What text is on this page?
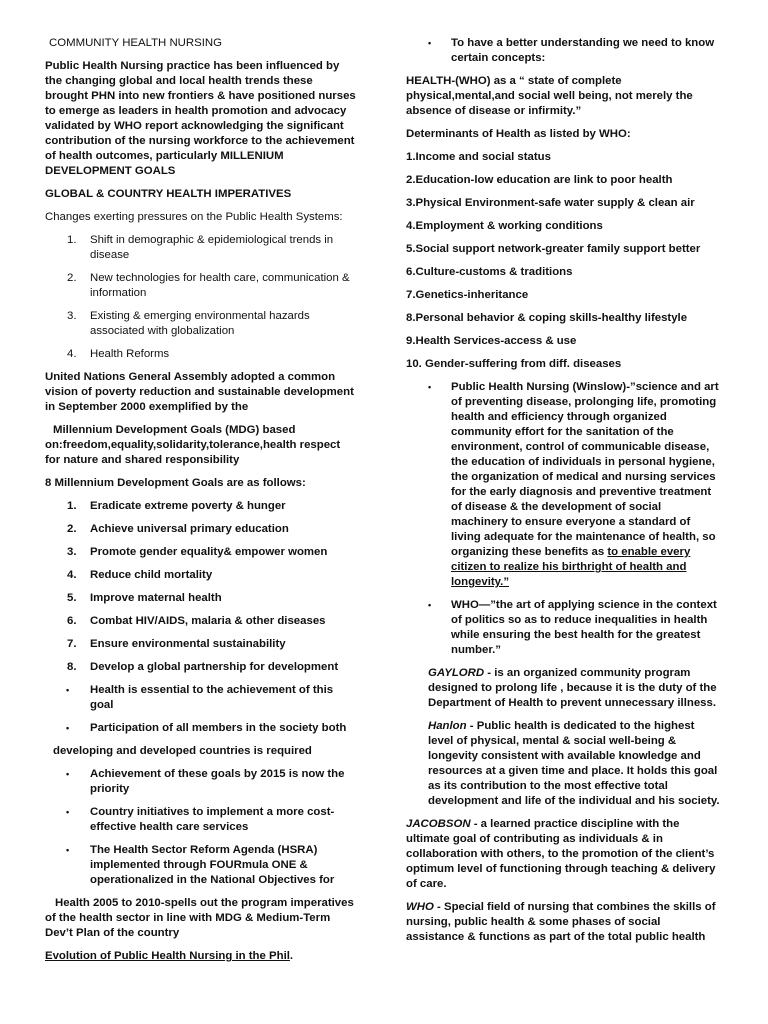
COMMUNITY HEALTH NURSING

Public Health Nursing practice has been influenced by the changing global and local health trends these brought PHN into new frontiers & have positioned nurses to emerge as leaders in health promotion and advocacy validated by WHO report acknowledging the significant contribution of the nursing workforce to the achievement of health outcomes, particularly MILLENIUM DEVELOPMENT GOALS

GLOBAL & COUNTRY HEALTH IMPERATIVES

Changes exerting pressures on the Public Health Systems:

1. Shift in demographic & epidemiological trends in disease
2. New technologies for health care, communication & information
3. Existing & emerging environmental hazards associated with globalization
4. Health Reforms

United Nations General Assembly adopted a common vision of poverty reduction and sustainable development in September 2000 exemplified by the

Millennium Development Goals (MDG) based on:freedom,equality,solidarity,tolerance,health respect for nature and shared responsibility

8 Millennium Development Goals are as follows:

1. Eradicate extreme poverty & hunger
2. Achieve universal primary education
3. Promote gender equality& empower women
4. Reduce child mortality
5. Improve maternal health
6. Combat HIV/AIDS, malaria & other diseases
7. Ensure environmental sustainability
8. Develop a global partnership for development
• Health is essential to the achievement of this goal
• Participation of all members in the society both

developing and developed countries is required

• Achievement of these goals by 2015 is now the priority
• Country initiatives to implement a more cost-effective health care services
• The Health Sector Reform Agenda (HSRA) implemented through FOURmula ONE & operationalized in the National Objectives for

Health 2005 to 2010-spells out the program imperatives of the health sector in line with MDG & Medium-Term Dev’t Plan of the country

Evolution of Public Health Nursing in the Phil.

• To have a better understanding we need to know certain concepts:

HEALTH-(WHO) as a “ state of complete physical,mental,and social well being, not merely the absence of disease or infirmity.”

Determinants of Health as listed by WHO:

1.Income and social status

2.Education-low education are link to poor health

3.Physical Environment-safe water supply & clean air

4.Employment & working conditions

5.Social support network-greater family support better

6.Culture-customs & traditions

7.Genetics-inheritance

8.Personal behavior & coping skills-healthy lifestyle

9.Health Services-access & use

10. Gender-suffering from diff. diseases

• Public Health Nursing (Winslow)-”science and art of preventing disease, prolonging life, promoting health and efficiency through organized community effort for the sanitation of the environment, control of communicable disease, the education of individuals in personal hygiene, the organization of medical and nursing services for the early diagnosis and preventive treatment of disease & the development of social machinery to ensure everyone a standard of living adequate for the maintenance of health, so organizing these benefits as to enable every citizen to realize his birthright of health and longevity.”
• WHO—”the art of applying science in the context of politics so as to reduce inequalities in health while ensuring the best health for the greatest number.”

GAYLORD - is an organized community program designed to prolong life , because it is the duty of the Department of Health to prevent unnecessary illness.

Hanlon - Public health is dedicated to the highest level of physical, mental & social well-being & longevity consistent with available knowledge and resources at a given time and place. It holds this goal as its contribution to the most effective total development and life of the individual and his society.

JACOBSON - a learned practice discipline with the ultimate goal of contributing as individuals & in collaboration with others, to the promotion of the client’s optimum level of functioning through teaching & delivery of care.

WHO - Special field of nursing that combines the skills of nursing, public health & some phases of social assistance & functions as part of the total public health
